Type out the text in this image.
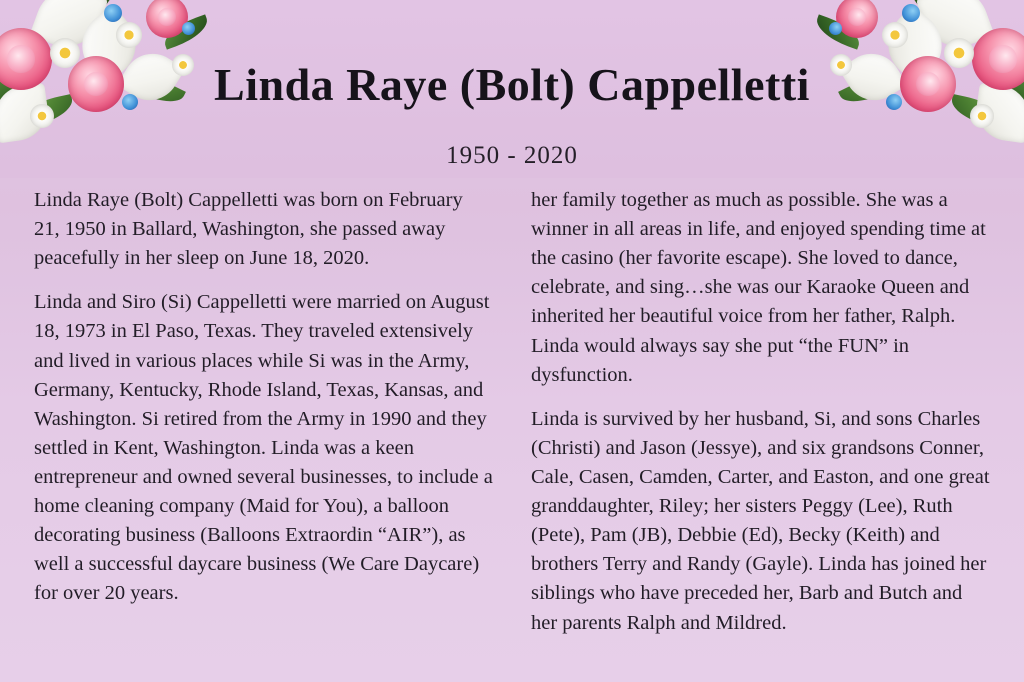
Linda Raye (Bolt) Cappelletti
1950 - 2020

Linda Raye (Bolt) Cappelletti was born on February 21, 1950 in Ballard, Washington, she passed away peacefully in her sleep on June 18, 2020.

Linda and Siro (Si) Cappelletti were married on August 18, 1973 in El Paso, Texas. They traveled extensively and lived in various places while Si was in the Army, Germany, Kentucky, Rhode Island, Texas, Kansas, and Washington. Si retired from the Army in 1990 and they settled in Kent, Washington. Linda was a keen entrepreneur and owned several businesses, to include a home cleaning company (Maid for You), a balloon decorating business (Balloons Extraordin “AIR”), as well a successful daycare business (We Care Daycare) for over 20 years.

her family together as much as possible. She was a winner in all areas in life, and enjoyed spending time at the casino (her favorite escape). She loved to dance, celebrate, and sing…she was our Karaoke Queen and inherited her beautiful voice from her father, Ralph. Linda would always say she put “the FUN” in dysfunction.

Linda is survived by her husband, Si, and sons Charles (Christi) and Jason (Jessye), and six grandsons Conner, Cale, Casen, Camden, Carter, and Easton, and one great granddaughter, Riley; her sisters Peggy (Lee), Ruth (Pete), Pam (JB), Debbie (Ed), Becky (Keith) and brothers Terry and Randy (Gayle). Linda has joined her siblings who have preceded her, Barb and Butch and her parents Ralph and Mildred.
